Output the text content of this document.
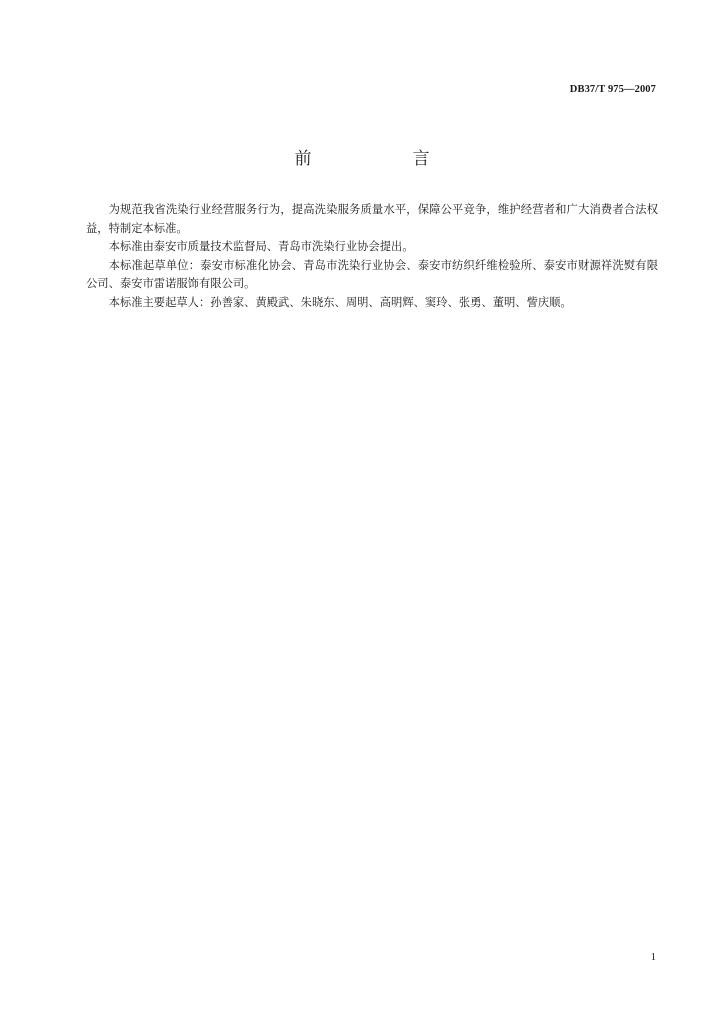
DB37/T 975—2007
前　言

为规范我省洗染行业经营服务行为，提高洗染服务质量水平，保障公平竞争，维护经营者和广大消费者合法权益，特制定本标准。

本标准由泰安市质量技术监督局、青岛市洗染行业协会提出。

本标准起草单位：泰安市标准化协会、青岛市洗染行业协会、泰安市纺织纤维检验所、泰安市财源祥洗熨有限公司、泰安市雷诺服饰有限公司。

本标准主要起草人：孙善家、黄殿武、朱晓东、周明、高明辉、窦玲、张勇、董明、訾庆顺。

1
